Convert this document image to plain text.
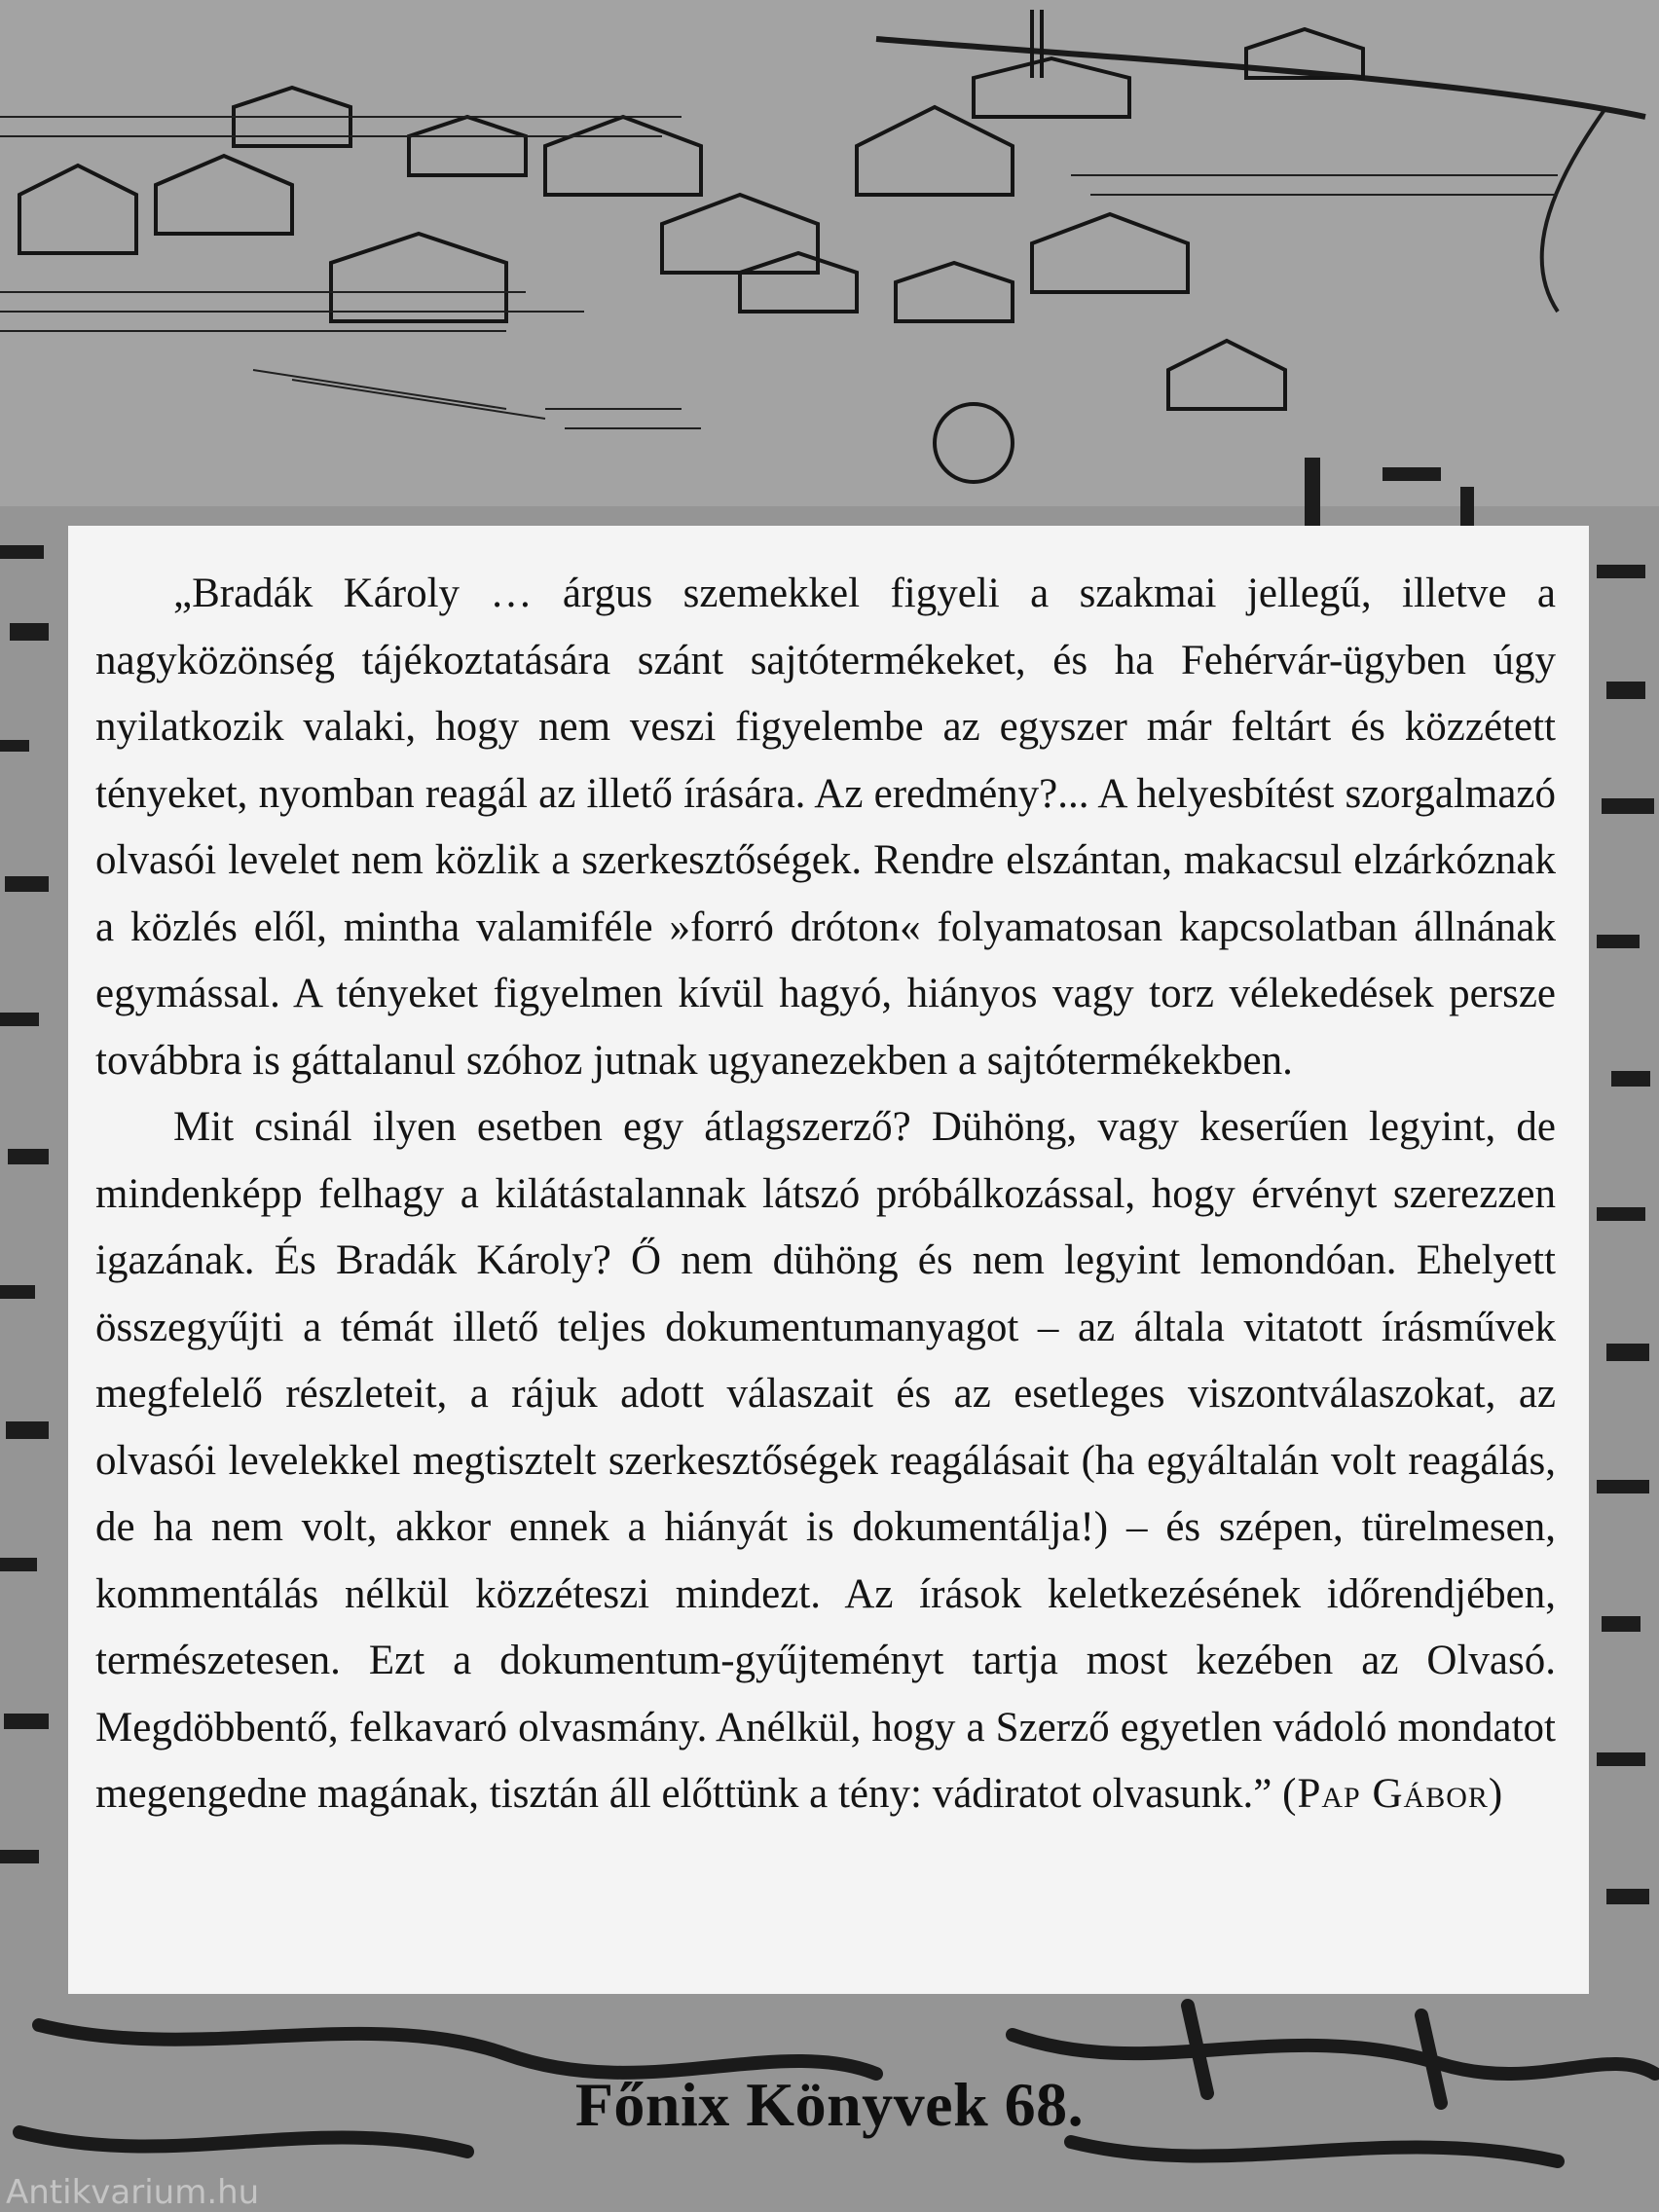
„Bradák Károly … árgus szemekkel figyeli a szakmai jellegű, illetve a nagyközönség tájékoztatására szánt sajtótermékeket, és ha Fehérvár-ügyben úgy nyilatkozik valaki, hogy nem veszi figyelembe az egyszer már feltárt és közzétett tényeket, nyomban reagál az illető írására. Az eredmény?... A helyesbítést szorgalmazó olvasói levelet nem közlik a szerkesztőségek. Rendre elszántan, makacsul elzárkóznak a közlés elől, mintha valamiféle »forró dróton« folyamatosan kapcsolatban állnának egymással. A tényeket figyelmen kívül hagyó, hiányos vagy torz vélekedések persze továbbra is gáttalanul szóhoz jutnak ugyanezekben a sajtótermékekben.

Mit csinál ilyen esetben egy átlagszerző? Dühöng, vagy keserűen legyint, de mindenképp felhagy a kilátástalannak látszó próbálkozással, hogy érvényt szerezzen igazának. És Bradák Károly? Ő nem dühöng és nem legyint lemondóan. Ehelyett összegyűjti a témát illető teljes dokumentumanyagot – az általa vitatott írásművek megfelelő részleteit, a rájuk adott válaszait és az esetleges viszontválaszokat, az olvasói levelekkel megtisztelt szerkesztőségek reagálásait (ha egyáltalán volt reagálás, de ha nem volt, akkor ennek a hiányát is dokumentálja!) – és szépen, türelmesen, kommentálás nélkül közzéteszi mindezt. Az írások keletkezésének időrendjében, természetesen. Ezt a dokumentum-gyűjteményt tartja most kezében az Olvasó. Megdöbbentő, felkavaró olvasmány. Anélkül, hogy a Szerző egyetlen vádoló mondatot megengedne magának, tisztán áll előttünk a tény: vádiratot olvasunk.” (Pap Gábor)

Főnix Könyvek 68.
Antikvarium.hu
